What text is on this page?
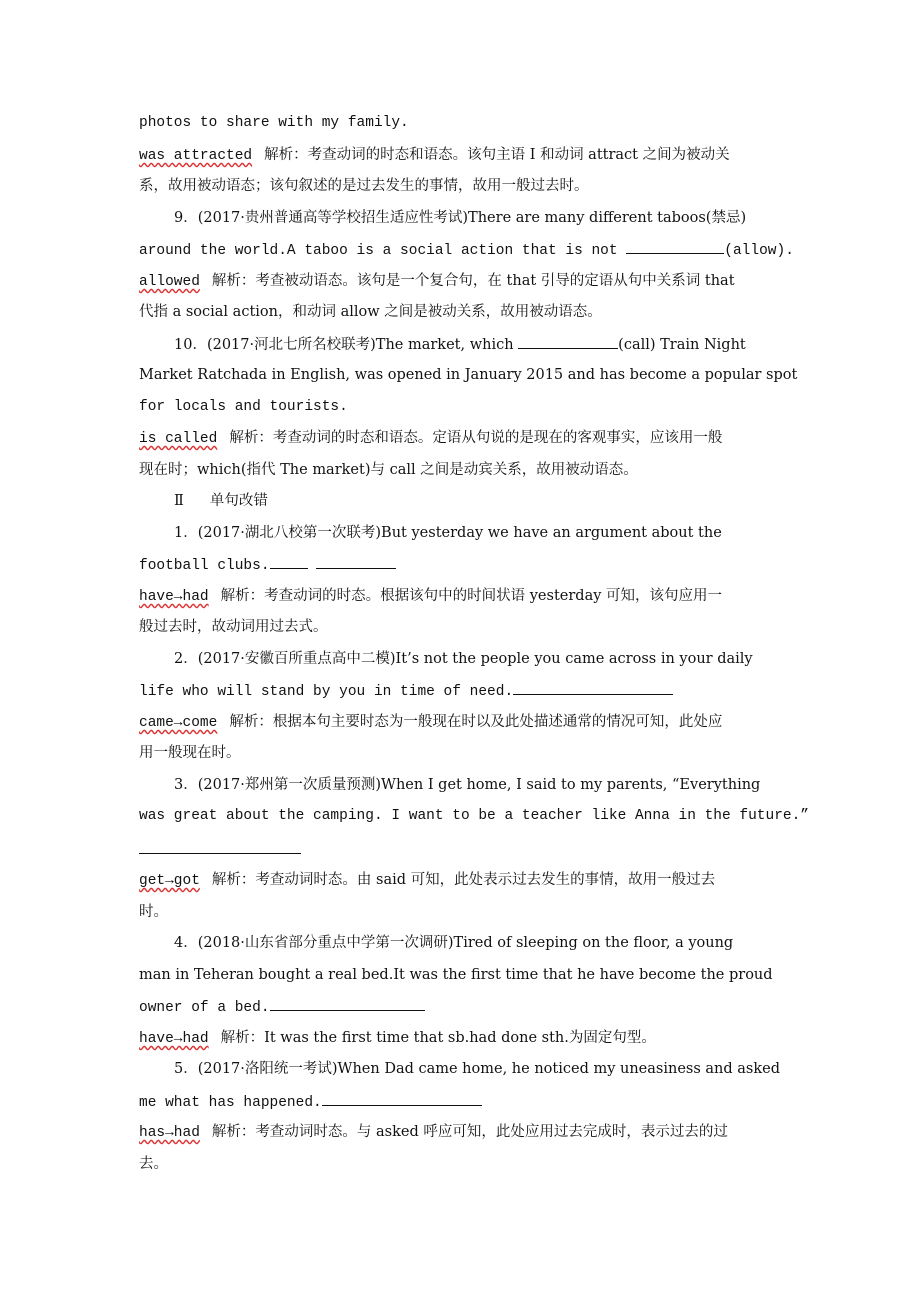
photos to share with my family.
was attracted 解析：考查动词的时态和语态。该句主语 I 和动词 attract 之间为被动关
系，故用被动语态；该句叙述的是过去发生的事情，故用一般过去时。
9．(2017·贵州普通高等学校招生适应性考试)There are many different taboos(禁忌)
around the world.A taboo is a social action that is not	(allow).
allowed 解析：考查被动语态。该句是一个复合句，在 that 引导的定语从句中关系词 that
代指 a social action，和动词 allow 之间是被动关系，故用被动语态。
10．(2017·河北七所名校联考)The market, which	(call) Train Night
Market Ratchada in English, was opened in January 2015 and has become a popular spot
for locals and tourists.
is called 解析：考查动词的时态和语态。定语从句说的是现在的客观事实，应该用一般
现在时；which(指代 The market)与 call 之间是动宾关系，故用被动语态。
Ⅱ 单句改错
1．(2017·湖北八校第一次联考)But yesterday we have an argument about the
football clubs.
have→had 解析：考查动词的时态。根据该句中的时间状语 yesterday 可知，该句应用一
般过去时，故动词用过去式。
2．(2017·安徽百所重点高中二模)It’s not the people you came across in your daily
life who will stand by you in time of need.
came→come 解析：根据本句主要时态为一般现在时以及此处描述通常的情况可知，此处应
用一般现在时。
3．(2017·郑州第一次质量预测)When I get home, I said to my parents, “Everything
was great about the camping. I want to be a teacher like Anna in the future.”
get→got 解析：考查动词时态。由 said 可知，此处表示过去发生的事情，故用一般过去
时。
4．(2018·山东省部分重点中学第一次调研)Tired of sleeping on the floor, a young
man in Teheran bought a real bed.It was the first time that he have become the proud
owner of a bed.
have→had 解析：It was the first time that sb.had done sth.为固定句型。
5．(2017·洛阳统一考试)When Dad came home, he noticed my uneasiness and asked
me what has happened.
has→had 解析：考查动词时态。与 asked 呼应可知，此处应用过去完成时，表示过去的过
去。
